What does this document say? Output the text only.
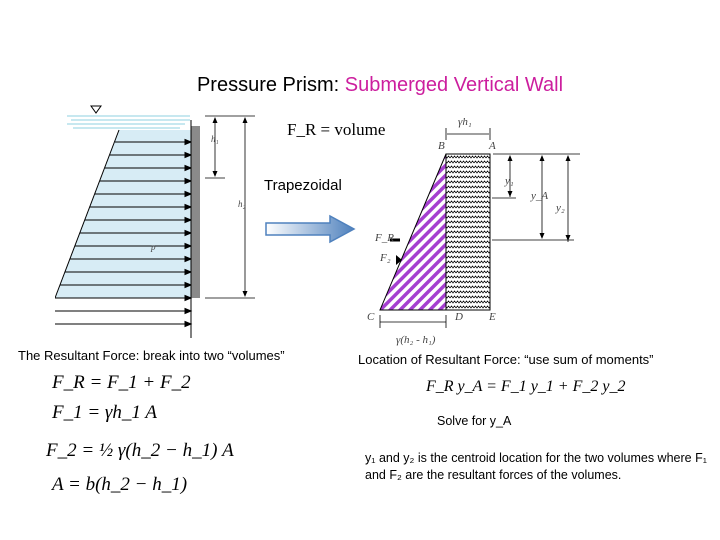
Pressure Prism: Submerged Vertical Wall
h₁
h₂
p
F_R = volume
Trapezoidal
γh₁
B	A
y₁
y_A
y₂
F_R
F₂
C	D E
γ(h₂ - h₁)
The Resultant Force: break into two “volumes”	Location of Resultant Force: “use sum of moments”
F_R = F_1 + F_2
F_1 = γh_1 A
F_2 = ½ γ(h_2 − h_1) A
A = b(h_2 − h_1)
F_R y_A = F_1 y_1 + F_2 y_2
Solve for y_A
y₁ and y₂ is the centroid location for the two volumes where F₁ and F₂ are the resultant forces of the volumes.
